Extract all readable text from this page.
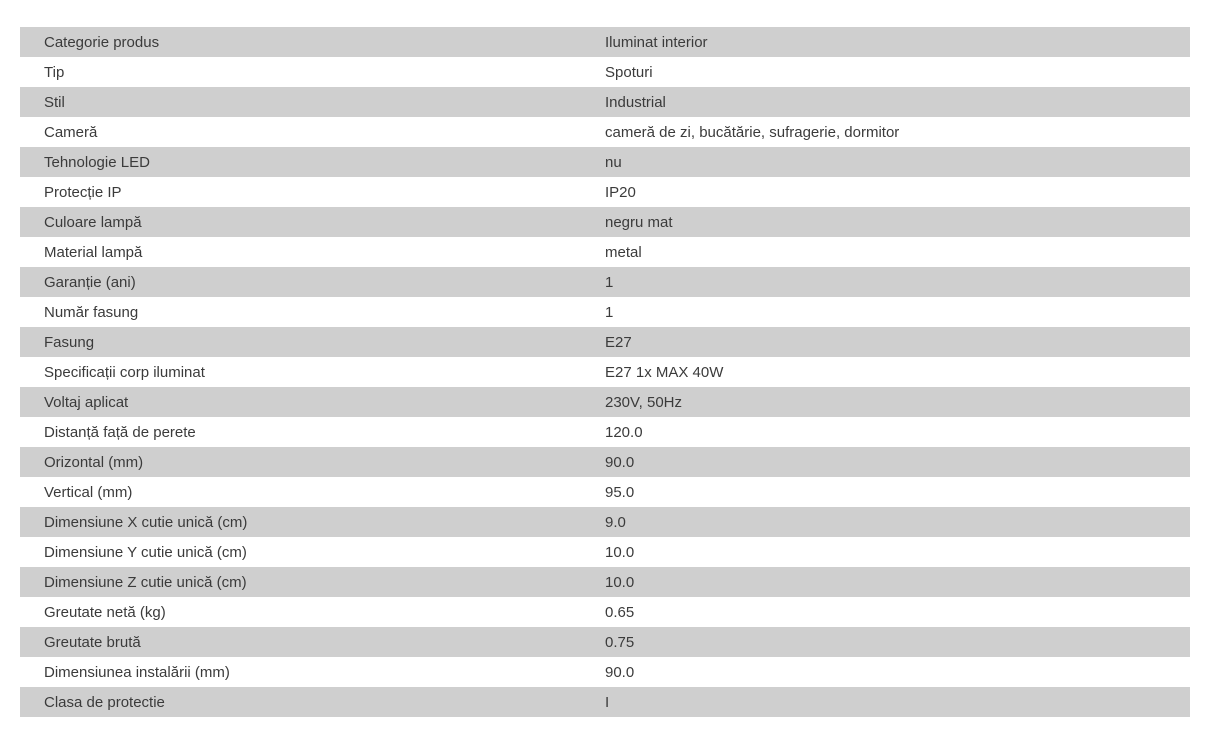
Categorie produs	Iluminat interior
Tip	Spoturi
Stil	Industrial
Cameră	cameră de zi, bucătărie, sufragerie, dormitor
Tehnologie LED	nu
Protecție IP	IP20
Culoare lampă	negru mat
Material lampă	metal
Garanție (ani)	1
Număr fasung	1
Fasung	E27
Specificații corp iluminat	E27 1x MAX 40W
Voltaj aplicat	230V, 50Hz
Distanță față de perete	120.0
Orizontal (mm)	90.0
Vertical (mm)	95.0
Dimensiune X cutie unică (cm)	9.0
Dimensiune Y cutie unică (cm)	10.0
Dimensiune Z cutie unică (cm)	10.0
Greutate netă (kg)	0.65
Greutate brută	0.75
Dimensiunea instalării (mm)	90.0
Clasa de protectie	I
